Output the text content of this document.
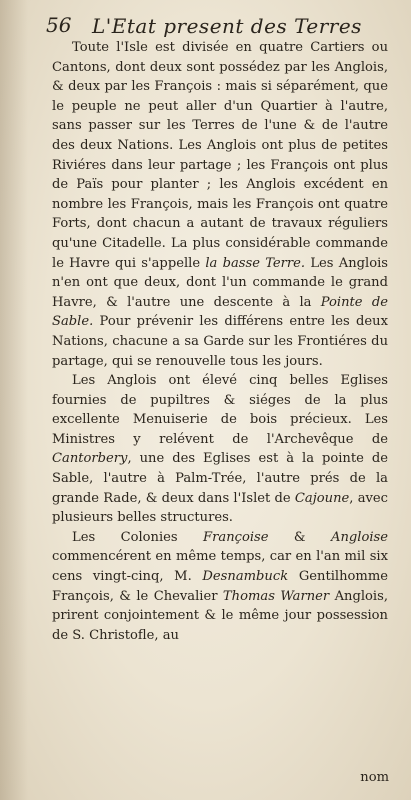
56 L'Etat present des Terres

Toute l'Isle est divisée en quatre Cartiers ou Cantons, dont deux sont possédez par les Anglois, & deux par les François : mais si séparément, que le peuple ne peut aller d'un Quartier à l'autre, sans passer sur les Terres de l'une & de l'autre des deux Nations. Les Anglois ont plus de petites Riviéres dans leur partage ; les François ont plus de Païs pour planter ; les Anglois excédent en nombre les François, mais les François ont quatre Forts, dont chacun a autant de travaux réguliers qu'une Citadelle. La plus considérable commande le Havre qui s'appelle la basse Terre. Les Anglois n'en ont que deux, dont l'un commande le grand Havre, & l'autre une descente à la Pointe de Sable. Pour prévenir les différens entre les deux Nations, chacune a sa Garde sur les Frontiéres du partage, qui se renouvelle tous les jours.

Les Anglois ont élevé cinq belles Eglises fournies de pupiltres & siéges de la plus excellente Menuiserie de bois précieux. Les Ministres y relévent de l'Archevêque de Cantorbery, une des Eglises est à la pointe de Sable, l'autre à Palm-Trée, l'autre prés de la grande Rade, & deux dans l'Islet de Cajoune, avec plusieurs belles structures.

Les Colonies Françoise & Angloise commencérent en même temps, car en l'an mil six cens vingt-cinq, M. Desnambuck Gentilhomme François, & le Chevalier Thomas Warner Anglois, prirent conjointement & le même jour possession de S. Christofle, au

nom
